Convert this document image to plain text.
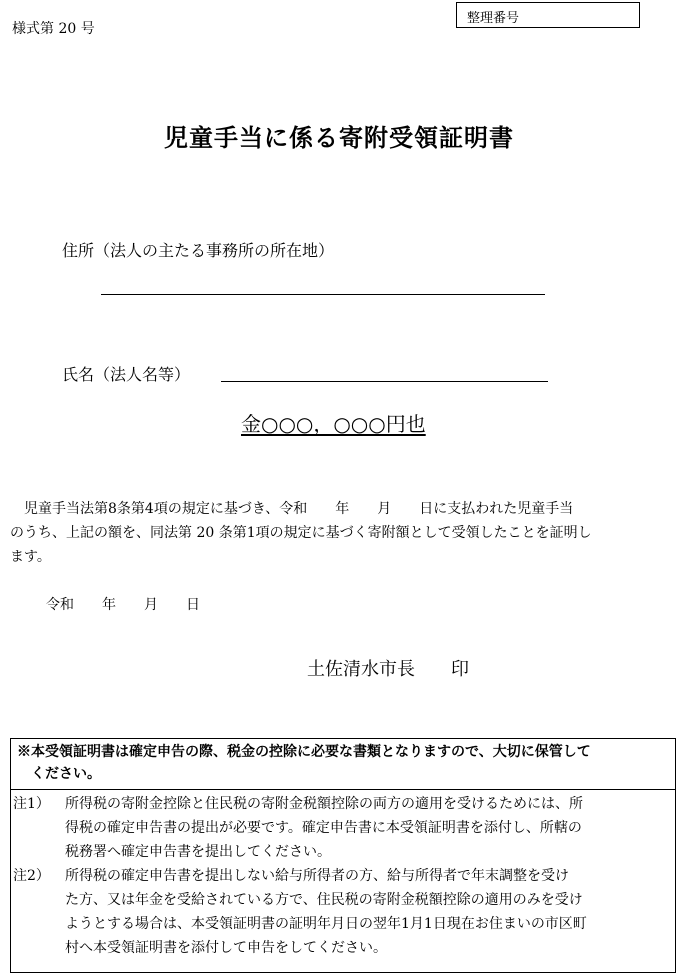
様式第 20 号
整理番号
児童手当に係る寄附受領証明書
住所（法人の主たる事務所の所在地）
氏名（法人名等）
金○○○，○○○円也

児童手当法第8条第4項の規定に基づき、令和　　年　　月　　日に支払われた児童手当

のうち、上記の額を、同法第 20 条第1項の規定に基づく寄附額として受領したことを証明し

ます。

令和　　年　　月　　日
土佐清水市長　　印

※本受領証明書は確定申告の際、税金の控除に必要な書類となりますので、大切に保管して

　ください。

注1）	所得税の寄附金控除と住民税の寄附金税額控除の両方の適用を受けるためには、所

得税の確定申告書の提出が必要です。確定申告書に本受領証明書を添付し、所轄の

税務署へ確定申告書を提出してください。

注2）	所得税の確定申告書を提出しない給与所得者の方、給与所得者で年末調整を受け

た方、又は年金を受給されている方で、住民税の寄附金税額控除の適用のみを受け

ようとする場合は、本受領証明書の証明年月日の翌年1月1日現在お住まいの市区町

村へ本受領証明書を添付して申告をしてください。
